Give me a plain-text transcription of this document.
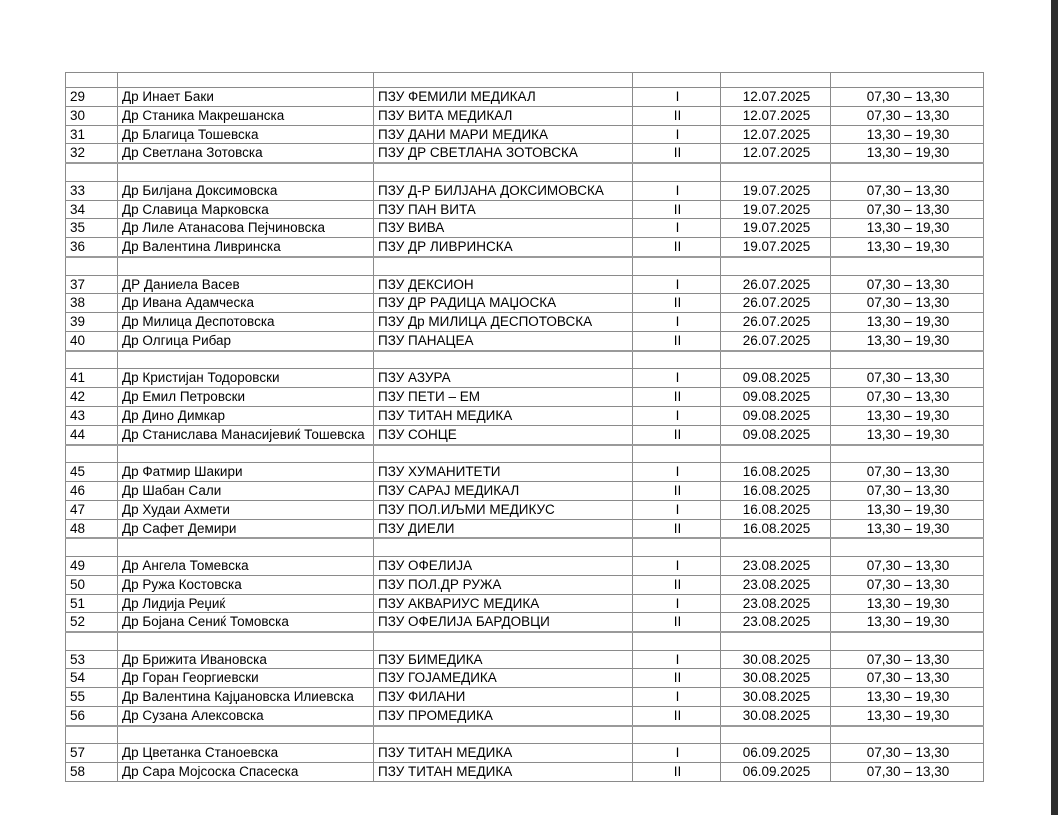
29	Др Инает Баки	ПЗУ ФЕМИЛИ МЕДИКАЛ	I	12.07.2025	07,30 – 13,30
30	Др Станика Макрешанска	ПЗУ ВИТА МЕДИКАЛ	II	12.07.2025	07,30 – 13,30
31	Др Благица Тошевска	ПЗУ ДАНИ МАРИ МЕДИКА	I	12.07.2025	13,30 – 19,30
32	Др Светлана Зотовска	ПЗУ ДР СВЕТЛАНА ЗОТОВСКА	II	12.07.2025	13,30 – 19,30

33	Др Билјана Доксимовска	ПЗУ Д-Р БИЛЈАНА ДОКСИМОВСКА	I	19.07.2025	07,30 – 13,30
34	Др Славица Марковска	ПЗУ ПАН ВИТА	II	19.07.2025	07,30 – 13,30
35	Др Лиле Атанасова Пејчиновска	ПЗУ ВИВА	I	19.07.2025	13,30 – 19,30
36	Др Валентина Ливринска	ПЗУ ДР ЛИВРИНСКА	II	19.07.2025	13,30 – 19,30

37	ДР Даниела Васев	ПЗУ ДЕКСИОН	I	26.07.2025	07,30 – 13,30
38	Др Ивана Адамческа	ПЗУ ДР РАДИЦА МАЏОСКА	II	26.07.2025	07,30 – 13,30
39	Др Милица Деспотовска	ПЗУ Др МИЛИЦА ДЕСПОТОВСКА	I	26.07.2025	13,30 – 19,30
40	Др Олгица Рибар	ПЗУ ПАНАЦЕА	II	26.07.2025	13,30 – 19,30

41	Др Кристијан Тодоровски	ПЗУ АЗУРА	I	09.08.2025	07,30 – 13,30
42	Др Емил Петровски	ПЗУ ПЕТИ – ЕМ	II	09.08.2025	07,30 – 13,30
43	Др Дино Димкар	ПЗУ ТИТАН МЕДИКА	I	09.08.2025	13,30 – 19,30
44	Др Станислава Манасијевиќ Тошевска	ПЗУ СОНЦЕ	II	09.08.2025	13,30 – 19,30

45	Др Фатмир Шакири	ПЗУ ХУМАНИТЕТИ	I	16.08.2025	07,30 – 13,30
46	Др Шабан Сали	ПЗУ САРАЈ МЕДИКАЛ	II	16.08.2025	07,30 – 13,30
47	Др Худаи Ахмети	ПЗУ ПОЛ.ИЉМИ МЕДИКУС	I	16.08.2025	13,30 – 19,30
48	Др Сафет Демири	ПЗУ ДИЕЛИ	II	16.08.2025	13,30 – 19,30

49	Др Ангела Томевска	ПЗУ ОФЕЛИЈА	I	23.08.2025	07,30 – 13,30
50	Др Ружа Костовска	ПЗУ ПОЛ.ДР РУЖА	II	23.08.2025	07,30 – 13,30
51	Др Лидија Реџиќ	ПЗУ АКВАРИУС МЕДИКА	I	23.08.2025	13,30 – 19,30
52	Др Бојана Сениќ Томовска	ПЗУ ОФЕЛИЈА БАРДОВЦИ	II	23.08.2025	13,30 – 19,30

53	Др Брижита Ивановска	ПЗУ БИМЕДИКА	I	30.08.2025	07,30 – 13,30
54	Др Горан Георгиевски	ПЗУ ГОЈАМЕДИКА	II	30.08.2025	07,30 – 13,30
55	Др Валентина Кајџановска Илиевска	ПЗУ ФИЛАНИ	I	30.08.2025	13,30 – 19,30
56	Др Сузана Алексовска	ПЗУ ПРОМЕДИКА	II	30.08.2025	13,30 – 19,30

57	Др Цветанка Станоевска	ПЗУ ТИТАН МЕДИКА	I	06.09.2025	07,30 – 13,30
58	Др Сара Мојсоска Спасеска	ПЗУ ТИТАН МЕДИКА	II	06.09.2025	07,30 – 13,30
